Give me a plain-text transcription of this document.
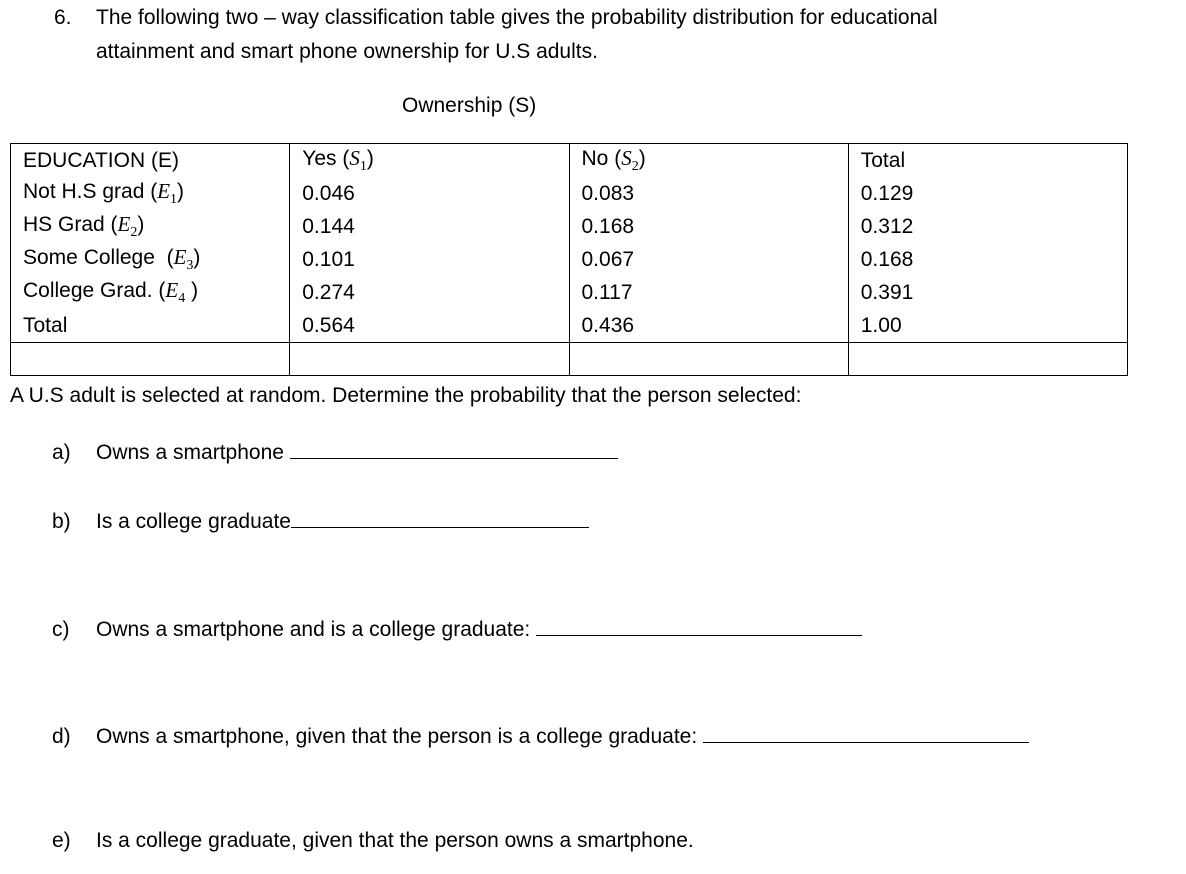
6. The following two – way classification table gives the probability distribution for educational
attainment and smart phone ownership for U.S adults.
Ownership (S)
EDUCATION (E)	Yes $(S_1)$	No $(S_2)$	Total
Not H.S grad $(E_1)$	0.046	0.083	0.129
HS Grad $(E_2)$	0.144	0.168	0.312
Some College  $(E_3)$	0.101	0.067	0.168
College Grad. ($E_4$ )	0.274	0.117	0.391
Total	0.564	0.436	1.00

A U.S adult is selected at random. Determine the probability that the person selected:
a) Owns a smartphone
b) Is a college graduate
c) Owns a smartphone and is a college graduate:
d) Owns a smartphone, given that the person is a college graduate:
e) Is a college graduate, given that the person owns a smartphone.
